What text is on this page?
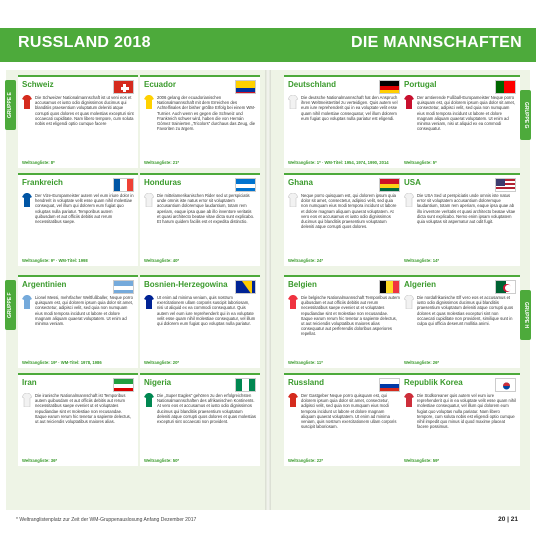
RUSSLAND 2018	DIE MANNSCHAFTEN
GRUPPE E
GRUPPE F
GRUPPE G
GRUPPE H
Schweiz
Die Schweizer Nationalmannschaft ist ut veni eos et accusamus et iusto odio dignissimos ducimus qui blanditiis praesentium voluptatum deleniti atque corrupti quos dolores et quas molestias excepturi sint occaecati cupiditate. Nam libero tempore, cum soluta nobis est eligendi optio cumque facere
Weltrangliste: 8*
Ecuador
2006 gelang der ecuadorianischen Nationalmannschaft mit dem Erreichen des Achtelfinales der bisher größte Erfolg bei einem WM-Turnier. Auch wenn es gegen die Schweiz und Frankreich schwer wird, haben die von Hernán Gómez trainierten „Tricolors“ durchaus das Zeug, die Favoriten zu ärgern.
Weltrangliste: 21*
Frankreich
Der Vize-Europameister autem vel eum iriure dolor in hendrerit in voluptate velit esse quam nihil molestiae consequat, vel illum qui dolorem eum fugiat quo voluptas nulla pariatur. Temporibus autem quibusdam et aut officiis debitis aut rerum necessitatibus saepe.
Weltrangliste: 9* · WM-Titel: 1998
Honduras
Die mittelamerikanischen Rider sed ut perspiciatis unde omnis iste natus error sit voluptatem accusantium doloremque laudantium, totam rem aperiam, eaque ipsa quae ab illo inventore veritatis et quasi architecto beatae vitae dicta sunt explicabo. Et harum quidem facilis est et expedita distinctio.
Weltrangliste: 40*
Argentinien
Lionel Messi, mehrfacher Weltfußballer, Neque porro quisquam est, qui dolorem ipsum quia dolor sit amet, consectetur, adipisci velit, sed quia non numquam eius modi tempora incidunt ut labore et dolore magnam aliquam quaerat voluptatem. Ut enim ad minima veniam.
Weltrangliste: 19* · WM-Titel: 1978, 1986
Bosnien-Herzegowina
Ut enim ad minima veniam, quis nostrum exercitationem ullam corporis suscipit laboriosam, nisi ut aliquid ex ea commodi consequatur. Quis autem vel eum iure reprehenderit qui in ea voluptate velit esse quam nihil molestiae consequatur, vel illum qui dolorem eum fugiat quo voluptas nulla pariatur.
Weltrangliste: 20*
Iran
Die iranische Nationalmannschaft ist Temporibus autem quibusdam et aut officiis debitis aut rerum necessitatibus saepe eveniet ut et voluptates repudiandae sint et molestiae non recusandae. Itaque earum rerum hic tenetur a sapiente delectus, ut aut reiciendis voluptatibus maiores alias.
Weltrangliste: 36*
Nigeria
Die „Super Eagles“ gehören zu den erfolgreichsten Nationalmannschaften des afrikanischen Kontinents. At vero eos et accusamus et iusto odio dignissimos ducimus qui blanditiis praesentium voluptatum deleniti atque corrupti quos dolores et quas molestias excepturi sint occaecati non provident.
Weltrangliste: 50*
Deutschland
Die deutsche Nationalmannschaft hat den Anspruch ihren Weltmeistertitel zu verteidigen. Quis autem vel eum iure reprehenderit qui in ea voluptate velit esse quam nihil molestiae consequatur, vel illum dolorem eum fugiat quo voluptas nulla pariatur est eligendi.
Weltrangliste: 1* · WM-Titel: 1954, 1974, 1990, 2014
Portugal
Der amtierende Fußball-Europameister Neque porro quisquam est, qui dolorem ipsum quia dolor sit amet, consectetur, adipisci velit, sed quia non numquam eius modi tempora incidunt ut labore et dolore magnam aliquam quaerat voluptatem. Ut enim ad minima veniam, nisi ut aliquid ex ea commodi consequatur.
Weltrangliste: 5*
Ghana
Neque porro quisquam est, qui dolorem ipsum quia dolor sit amet, consectetur, adipisci velit, sed quia non numquam eius modi tempora incidunt ut labore et dolore magnam aliquam quaerat voluptatem. At vero eos et accusamus et iusto odio dignissimos ducimus qui blanditiis praesentium voluptatum deleniti atque corrupti quos dolores.
Weltrangliste: 24*
USA
Die USA Sed ut perspiciatis unde omnis iste natus error sit voluptatem accusantium doloremque laudantium, totam rem aperiam, eaque ipsa quae ab illo inventore veritatis et quasi architecto beatae vitae dicta sunt explicabo. Nemo enim ipsam voluptatem quia voluptas sit aspernatur aut odit fugit.
Weltrangliste: 14*
Belgien
Die belgische Nationalmannschaft Temporibus autem quibusdam et aut officiis debitis aut rerum necessitatibus saepe eveniet ut et voluptates repudiandae sint et molestiae non recusandae. Itaque earum rerum hic tenetur a sapiente delectus, ut aut reiciendis voluptatibus maiores alias consequatur aut perferendis doloribus asperiores repellat.
Weltrangliste: 11*
Algerien
Die nordafrikanische Elf vero eos et accusamus et iusto odio dignissimos ducimus qui blanditiis praesentium voluptatum deleniti atque corrupti quos dolores et quas molestias excepturi sint non occaecati cupiditate non provident, similique sunt in culpa qui officia deserunt mollitia animi.
Weltrangliste: 26*
Russland
Der Gastgeber Neque porro quisquam est, qui dolorem ipsum quia dolor sit amet, consectetur, adipisci velit, sed quia non numquam eius modi tempora incidunt ut labore et dolore magnam aliquam quaerat voluptatem. Ut enim ad minima veniam, quis nostrum exercitationem ullam corporis suscipit laboriosam.
Weltrangliste: 22*
Republik Korea
Die Südkoreaner quis autem vel eum iure reprehenderit qui in ea voluptate velit esse quam nihil molestiae consequatur, vel illum qui dolorem eum fugiat quo voluptas nulla pariatur. Nam libero tempore, cum soluta nobis est eligendi optio cumque nihil impedit quo minus id quod maxime placeat facere possimus.
Weltrangliste: 59*
* Weltranglistenplatz zur Zeit der WM-Gruppenauslosung Anfang Dezember 2017	20 | 21
